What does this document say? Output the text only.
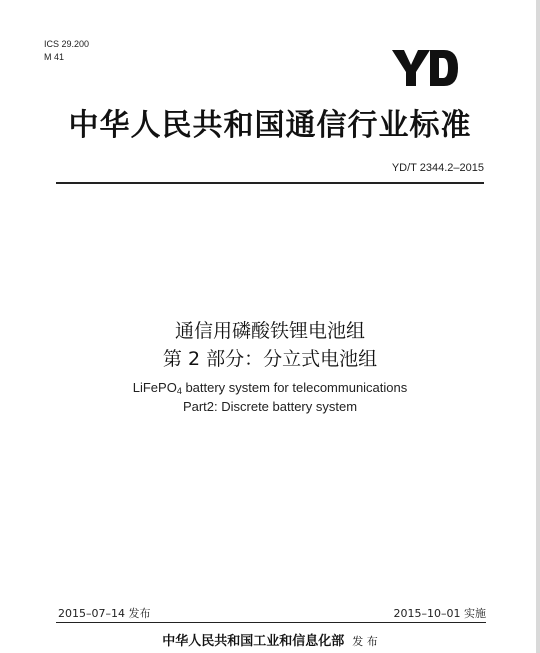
ICS 29.200
M 41
中华人民共和国通信行业标准
YD/T 2344.2–2015
通信用磷酸铁锂电池组
第 2 部分：分立式电池组
LiFePO$_4$ battery system for telecommunications
Part2: Discrete battery system
2015–07–14 发布	2015–10–01 实施
中华人民共和国工业和信息化部 发 布
